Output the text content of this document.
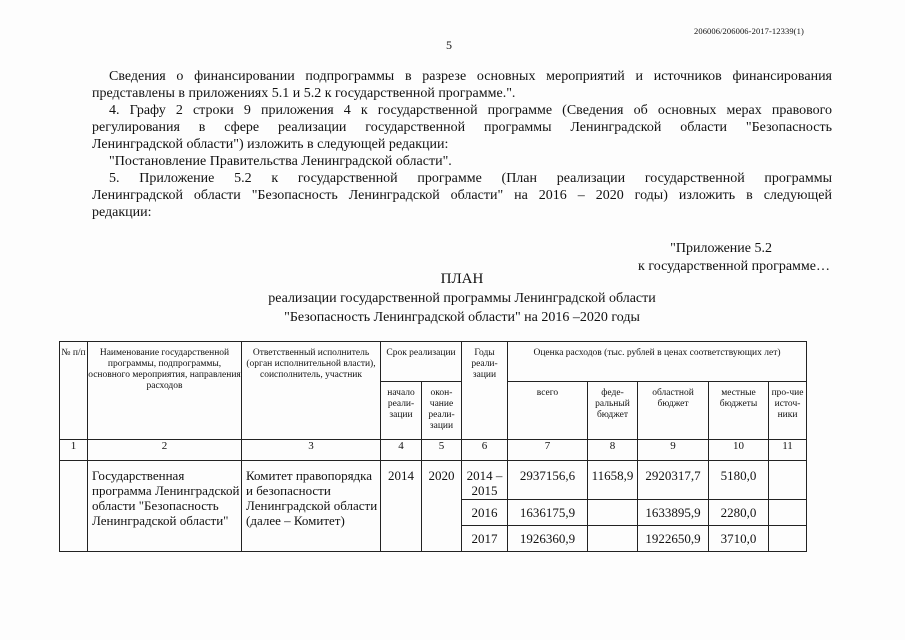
206006/206006-2017-12339(1)
5
Сведения о финансировании подпрограммы в разрезе основных мероприятий и источников финансирования
представлены в приложениях 5.1 и 5.2 к государственной программе.".
4. Графу 2 строки 9 приложения 4 к государственной программе (Сведения об основных мерах правового
регулирования в сфере реализации государственной программы Ленинградской области "Безопасность
Ленинградской области") изложить в следующей редакции:
"Постановление Правительства Ленинградской области".
5. Приложение 5.2 к государственной программе (План реализации государственной программы
Ленинградской области "Безопасность Ленинградской области" на 2016 – 2020 годы) изложить в следующей
редакции:
"Приложение 5.2
к государственной программе…
ПЛАН
реализации государственной программы Ленинградской области
"Безопасность Ленинградской области" на 2016 –2020 годы
№ п/п	Наименование государственной программы, подпрограммы, основного мероприятия, направления расходов	Ответственный исполнитель (орган исполнительной власти), соисполнитель, участник	Срок реализации		Годы реали-зации	Оценка расходов (тыс. рублей в ценах соответствующих лет)				
			начало реали-зации	окон-чание реали-зации		всего	феде-ральный бюджет	областной бюджет	местные бюджеты	про-чие источ-ники
1	2	3	4	5	6	7	8	9	10	11
	Государственная программа Ленинградской области "Безопасность Ленинградской области"	Комитет правопорядка и безопасности Ленинградской области (далее – Комитет)	2014	2020	2014 – 2015	2937156,6	11658,9	2920317,7	5180,0	
					2016	1636175,9		1633895,9	2280,0	
					2017	1926360,9		1922650,9	3710,0	
